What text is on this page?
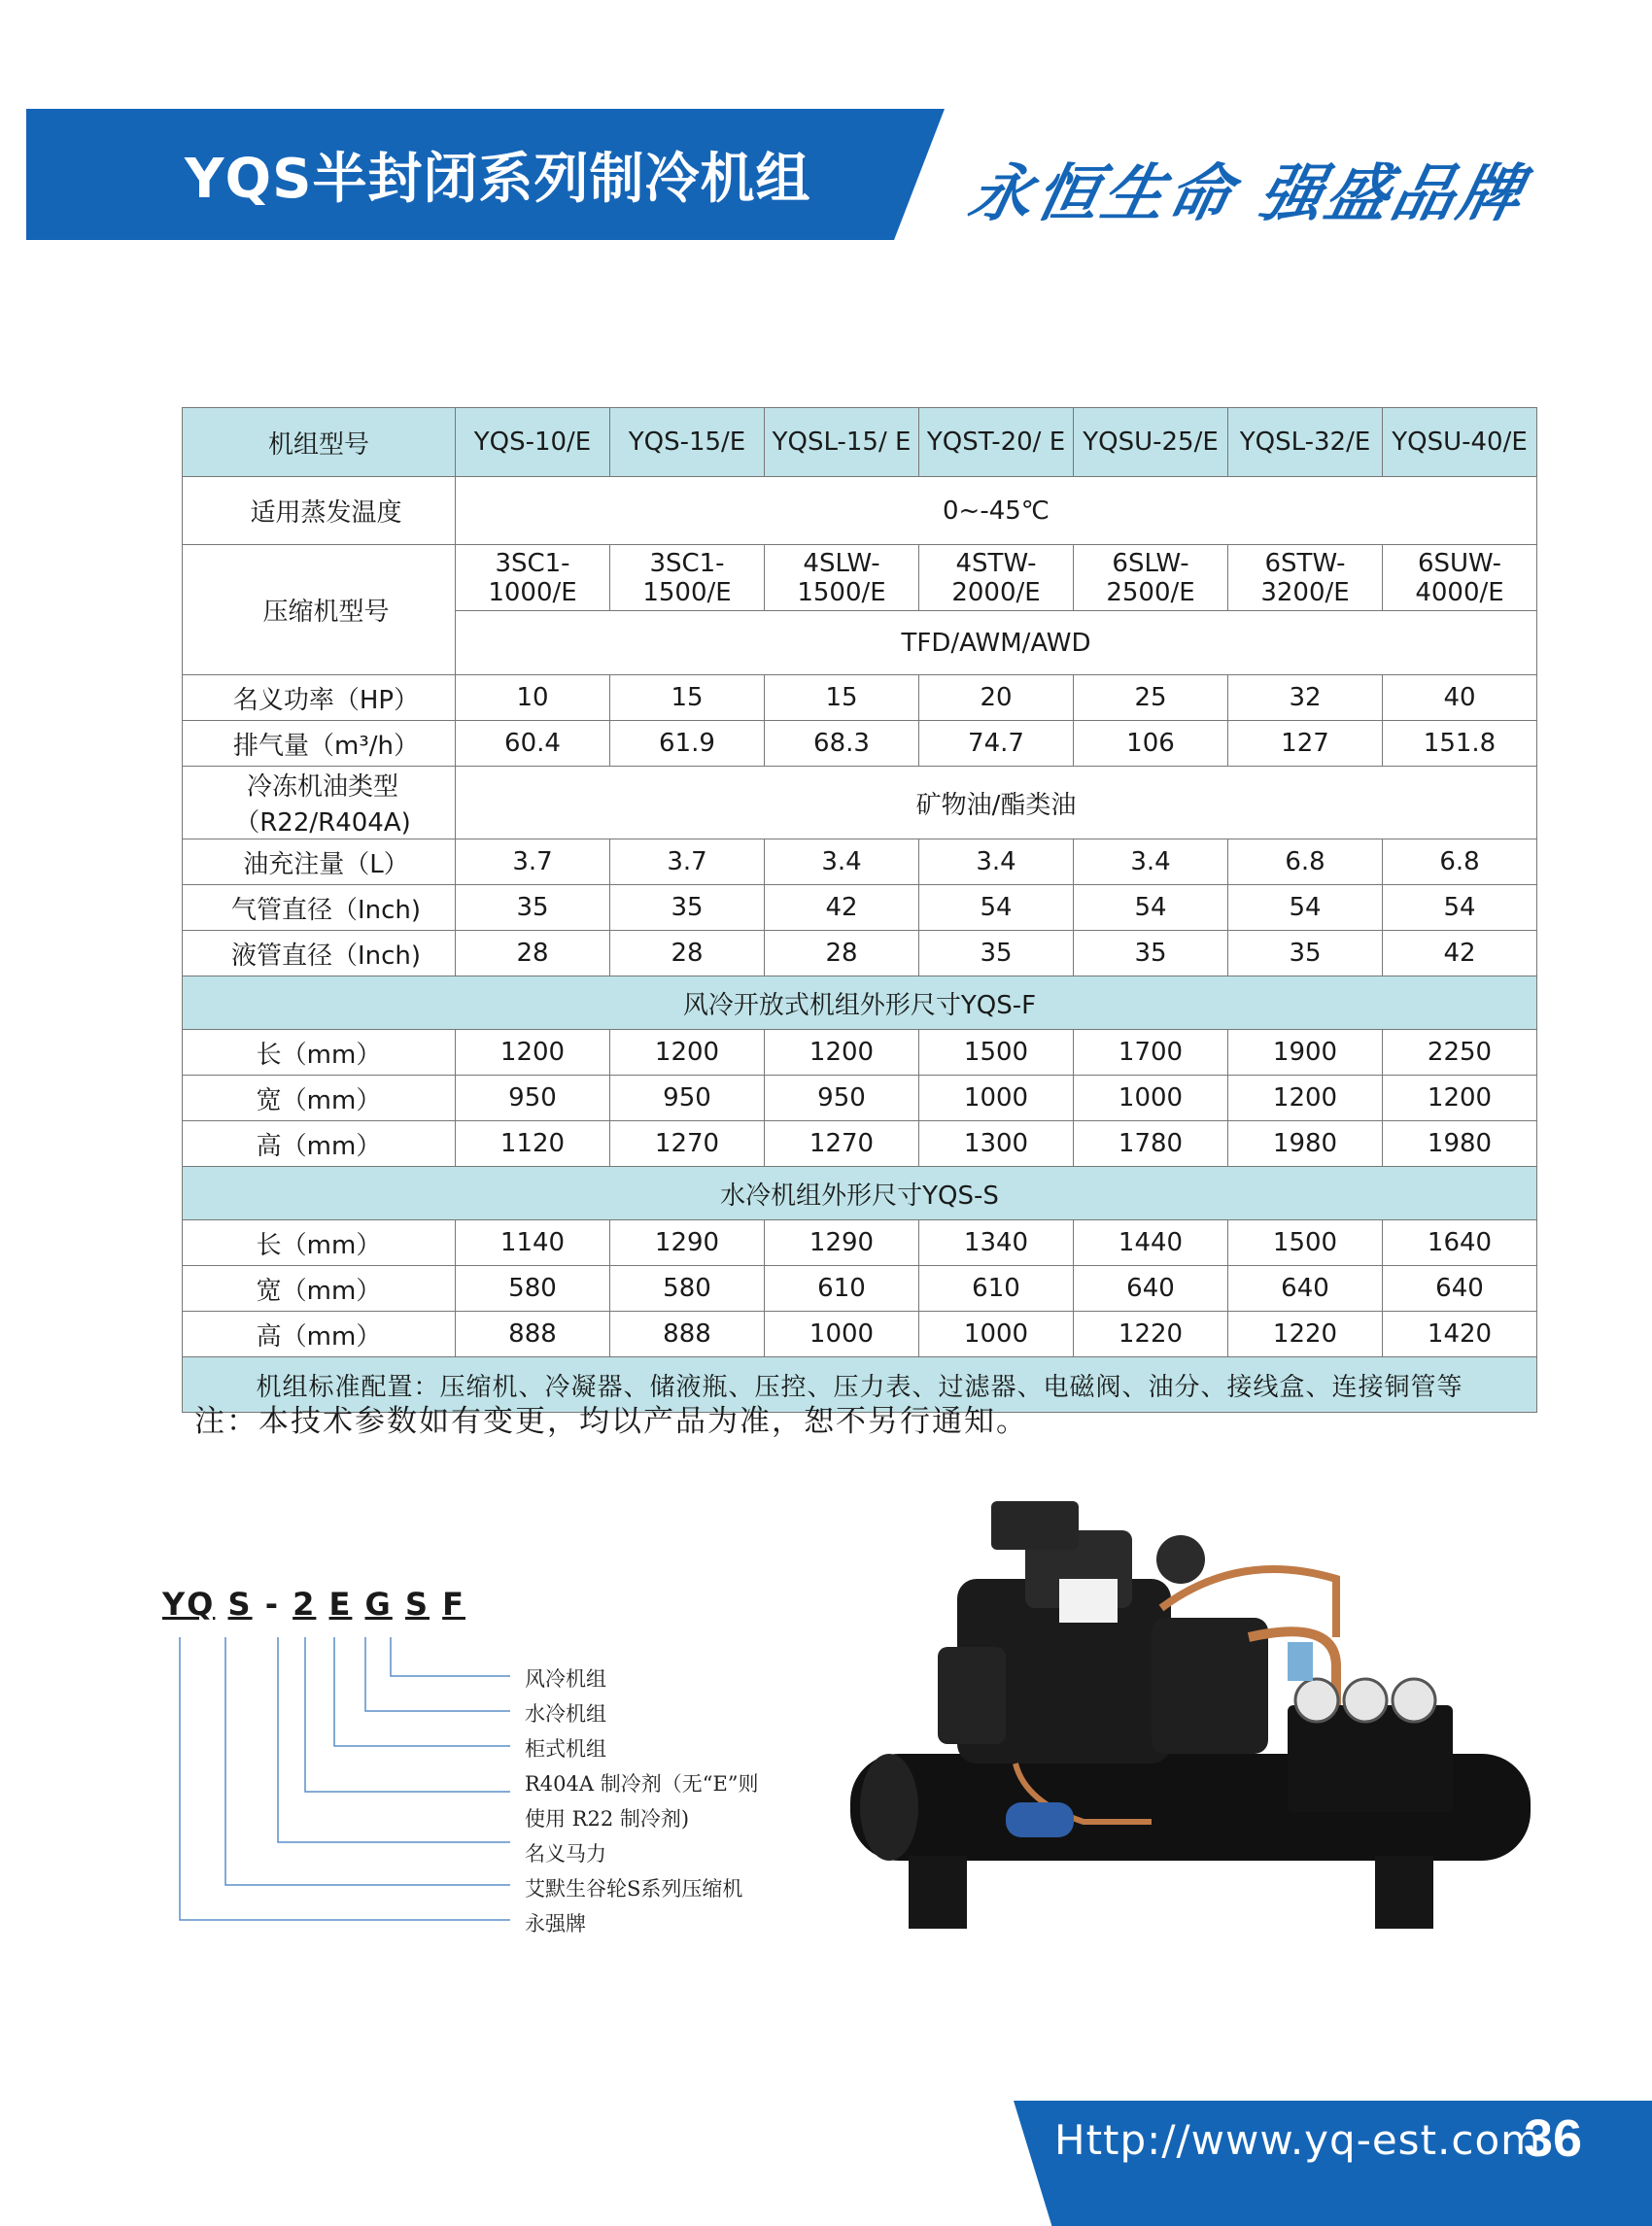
YQS半封闭系列制冷机组 永恒生命 强盛品牌
机组型号	YQS-10/E	YQS-15/E	YQSL-15/ E	YQST-20/ E	YQSU-25/E	YQSL-32/E	YQSU-40/E
适用蒸发温度	0~-45℃						
压缩机型号	3SC1-1000/E	3SC1-1500/E	4SLW-1500/E	4STW-2000/E	6SLW-2500/E	6STW-3200/E	6SUW-4000/E
	TFD/AWM/AWD						
名义功率（HP）	10	15	15	20	25	32	40
排气量（m³/h）	60.4	61.9	68.3	74.7	106	127	151.8
冷冻机油类型（R22/R404A)	矿物油/酯类油						
油充注量（L）	3.7	3.7	3.4	3.4	3.4	6.8	6.8
气管直径（Inch)	35	35	42	54	54	54	54
液管直径（Inch)	28	28	28	35	35	35	42
风冷开放式机组外形尺寸YQS-F							
长（mm）	1200	1200	1200	1500	1700	1900	2250
宽（mm）	950	950	950	1000	1000	1200	1200
高（mm）	1120	1270	1270	1300	1780	1980	1980
水冷机组外形尺寸YQS-S							
长（mm）	1140	1290	1290	1340	1440	1500	1640
宽（mm）	580	580	610	610	640	640	640
高（mm）	888	888	1000	1000	1220	1220	1420
机组标准配置：压缩机、冷凝器、储液瓶、压控、压力表、过滤器、电磁阀、油分、接线盒、连接铜管等							
注：本技术参数如有变更，均以产品为准，恕不另行通知。
YQ S - 2 E G S F
风冷机组
水冷机组
柜式机组
R404A 制冷剂（无“E”则
使用 R22 制冷剂)
名义马力
艾默生谷轮S系列压缩机
永强牌
Http://www.yq-est.com
36
